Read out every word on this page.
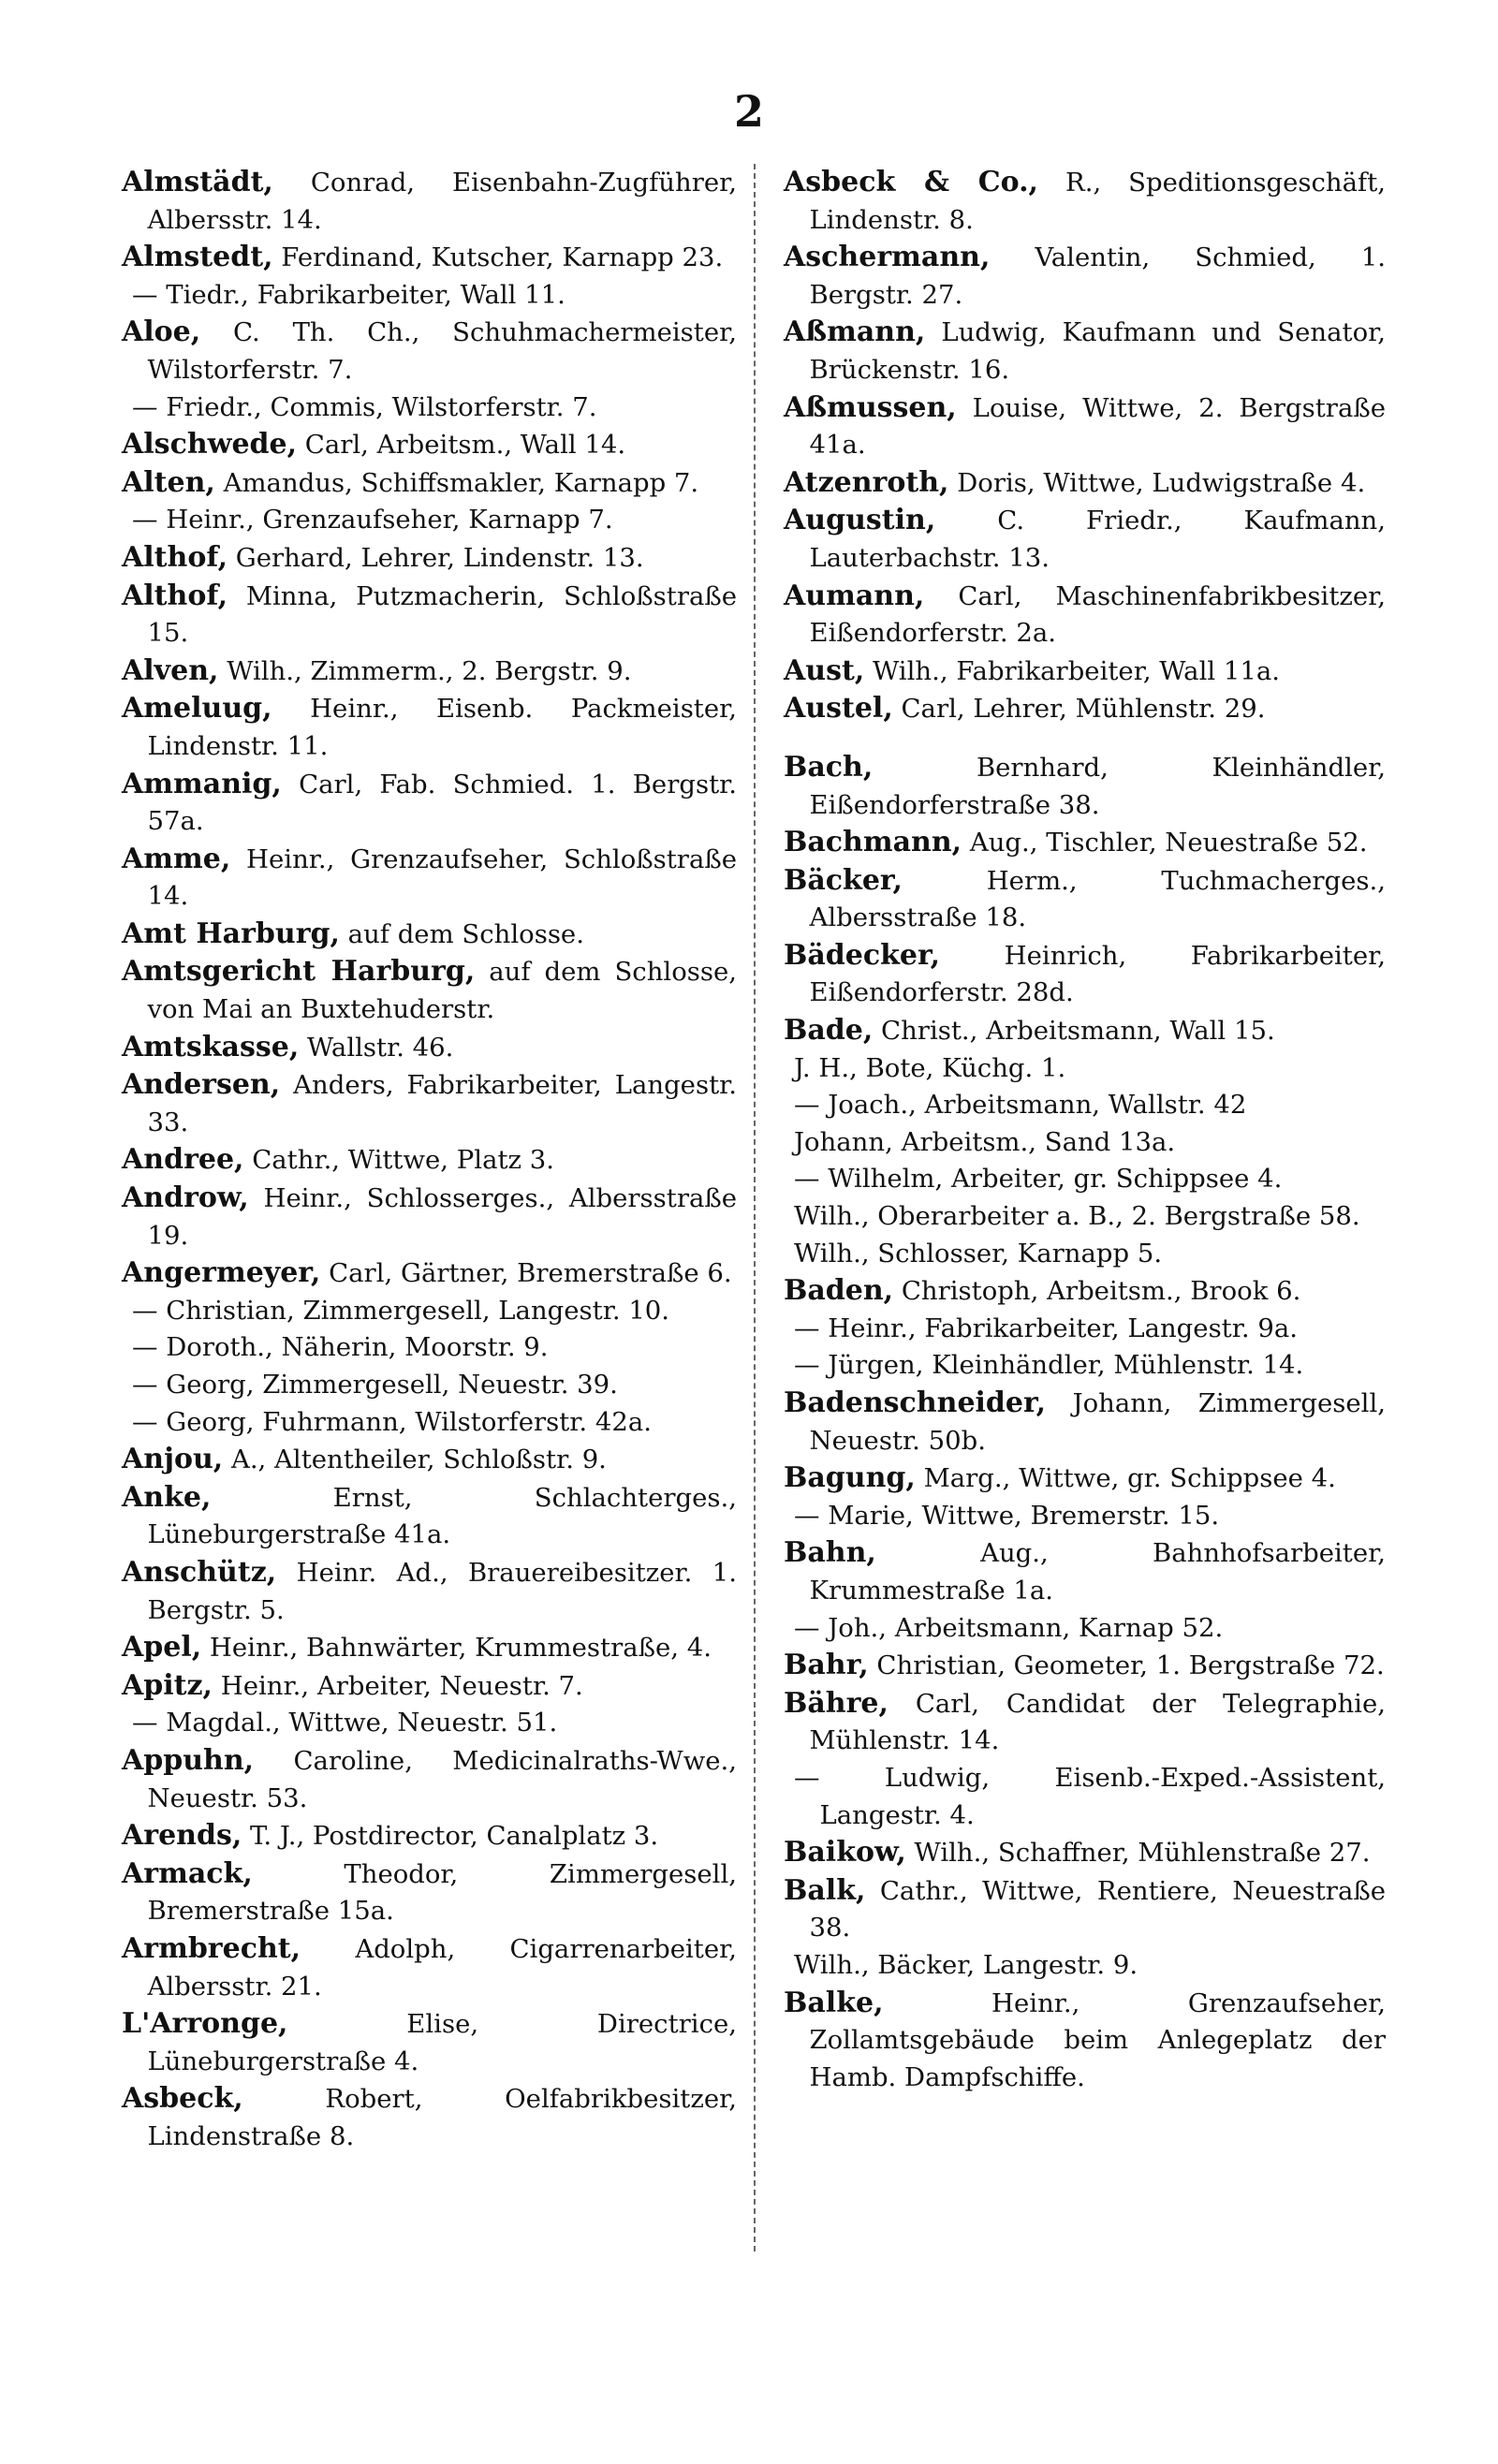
2

Almstädt, Conrad, Eisenbahn-Zugführer, Albersstr. 14.

Almstedt, Ferdinand, Kutscher, Karnapp 23.

— Tiedr., Fabrikarbeiter, Wall 11.

Aloe, C. Th. Ch., Schuhmachermeister, Wilstorferstr. 7.

— Friedr., Commis, Wilstorferstr. 7.

Alschwede, Carl, Arbeitsm., Wall 14.

Alten, Amandus, Schiffsmakler, Karnapp 7.

— Heinr., Grenzaufseher, Karnapp 7.

Althof, Gerhard, Lehrer, Lindenstr. 13.

Althof, Minna, Putzmacherin, Schloßstraße 15.

Alven, Wilh., Zimmerm., 2. Bergstr. 9.

Ameluug, Heinr., Eisenb. Packmeister, Lindenstr. 11.

Ammanig, Carl, Fab. Schmied. 1. Bergstr. 57a.

Amme, Heinr., Grenzaufseher, Schloßstraße 14.

Amt Harburg, auf dem Schlosse.

Amtsgericht Harburg, auf dem Schlosse, von Mai an Buxtehuderstr.

Amtskasse, Wallstr. 46.

Andersen, Anders, Fabrikarbeiter, Langestr. 33.

Andree, Cathr., Wittwe, Platz 3.

Androw, Heinr., Schlosserges., Albersstraße 19.

Angermeyer, Carl, Gärtner, Bremerstraße 6.

— Christian, Zimmergesell, Langestr. 10.

— Doroth., Näherin, Moorstr. 9.

— Georg, Zimmergesell, Neuestr. 39.

— Georg, Fuhrmann, Wilstorferstr. 42a.

Anjou, A., Altentheiler, Schloßstr. 9.

Anke, Ernst, Schlachterges., Lüneburgerstraße 41a.

Anschütz, Heinr. Ad., Brauereibesitzer. 1. Bergstr. 5.

Apel, Heinr., Bahnwärter, Krummestraße, 4.

Apitz, Heinr., Arbeiter, Neuestr. 7.

— Magdal., Wittwe, Neuestr. 51.

Appuhn, Caroline, Medicinalraths-Wwe., Neuestr. 53.

Arends, T. J., Postdirector, Canalplatz 3.

Armack, Theodor, Zimmergesell, Bremerstraße 15a.

Armbrecht, Adolph, Cigarrenarbeiter, Albersstr. 21.

L'Arronge, Elise, Directrice, Lüneburgerstraße 4.

Asbeck, Robert, Oelfabrikbesitzer, Lindenstraße 8.

Asbeck & Co., R., Speditionsgeschäft, Lindenstr. 8.

Aschermann, Valentin, Schmied, 1. Bergstr. 27.

Aßmann, Ludwig, Kaufmann und Senator, Brückenstr. 16.

Aßmussen, Louise, Wittwe, 2. Bergstraße 41a.

Atzenroth, Doris, Wittwe, Ludwigstraße 4.

Augustin, C. Friedr., Kaufmann, Lauterbachstr. 13.

Aumann, Carl, Maschinenfabrikbesitzer, Eißendorferstr. 2a.

Aust, Wilh., Fabrikarbeiter, Wall 11a.

Austel, Carl, Lehrer, Mühlenstr. 29.

Bach, Bernhard, Kleinhändler, Eißendorferstraße 38.

Bachmann, Aug., Tischler, Neuestraße 52.

Bäcker, Herm., Tuchmacherges., Albersstraße 18.

Bädecker, Heinrich, Fabrikarbeiter, Eißendorferstr. 28d.

Bade, Christ., Arbeitsmann, Wall 15.

J. H., Bote, Küchg. 1.

— Joach., Arbeitsmann, Wallstr. 42

Johann, Arbeitsm., Sand 13a.

— Wilhelm, Arbeiter, gr. Schippsee 4.

Wilh., Oberarbeiter a. B., 2. Bergstraße 58.

Wilh., Schlosser, Karnapp 5.

Baden, Christoph, Arbeitsm., Brook 6.

— Heinr., Fabrikarbeiter, Langestr. 9a.

— Jürgen, Kleinhändler, Mühlenstr. 14.

Badenschneider, Johann, Zimmergesell, Neuestr. 50b.

Bagung, Marg., Wittwe, gr. Schippsee 4.

— Marie, Wittwe, Bremerstr. 15.

Bahn, Aug., Bahnhofsarbeiter, Krummestraße 1a.

— Joh., Arbeitsmann, Karnap 52.

Bahr, Christian, Geometer, 1. Bergstraße 72.

Bähre, Carl, Candidat der Telegraphie, Mühlenstr. 14.

— Ludwig, Eisenb.-Exped.-Assistent, Langestr. 4.

Baikow, Wilh., Schaffner, Mühlenstraße 27.

Balk, Cathr., Wittwe, Rentiere, Neuestraße 38.

Wilh., Bäcker, Langestr. 9.

Balke, Heinr., Grenzaufseher, Zollamtsgebäude beim Anlegeplatz der Hamb. Dampfschiffe.
